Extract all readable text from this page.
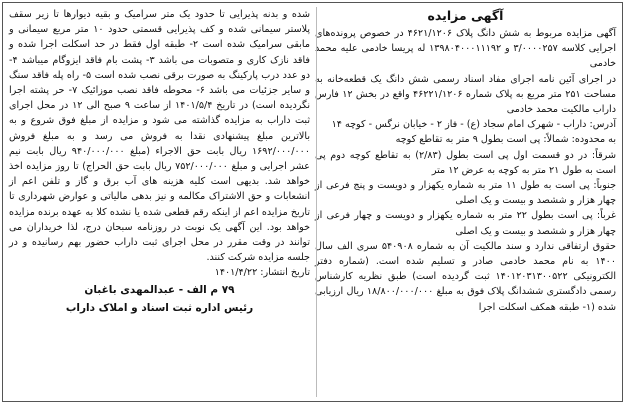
آگهی مزایده

آگهی مزایده مربوط به شش دانگ پلاک ۴۶۲۱/۱۲۰۶ در خصوص پرونده‌های اجرایی کلاسه ۳/۰۰۰۰۲۵۷ و ۱۳۹۸۰۴۰۰۰۱۱۱۹۲ له پریسا خادمی علیه محمد خادمی

در اجرای آئین نامه اجرای مفاد اسناد رسمی شش دانگ یک قطعه‌خانه به مساحت ۲۵۱ متر مربع به پلاک شماره ۴۶۲۲۱/۱۲۰۶ واقع در بخش ۱۲ فارس داراب مالکیت محمد خادمی

آدرس: داراب - شهرک امام سجاد (ع) - فاز ۲ - خیابان نرگس - کوچه ۱۴

به محدوده: شمالاً: پی است بطول ۹ متر به تقاطع کوچه

شرقاً: در دو قسمت اول پی است بطول (۲/۸۳) به تقاطع کوچه دوم پی است به طول ۲۱ متر به کوچه به عرض ۱۲ متر

جنوباً: پی است به طول ۱۱ متر به شماره یکهزار و دویست و پنج فرعی از چهار هزار و ششصد و بیست و یک اصلی

غرباً: پی است بطول ۲۲ متر به شماره یکهزار و دویست و چهار فرعی از چهار هزار و ششصد و بیست و یک اصلی

حقوق ارتفاقی ندارد و سند مالکیت آن به شماره ۵۴۰۹۰۸ سری الف سال ۱۴۰۰ به نام محمد خادمی صادر و تسلیم شده است. (شماره دفتر الکترونیکی ۱۴۰۱۲۰۳۱۳۰۰۵۲۲ ثبت گردیده است) طبق نظریه کارشناس رسمی دادگستری ششدانگ پلاک فوق به مبلغ ۱۸/۸۰۰/۰۰۰/۰۰۰ ریال ارزیابی شده (۱- طبقه همکف اسکلت اجرا

شده و بدنه پذیرایی تا حدود یک متر سرامیک و بقیه دیوارها تا زیر سقف پلاستر سیمانی شده و کف پذیرایی قسمتی حدود ۱۰ متر مربع سیمانی و مابقی سرامیک شده است ۲- طبقه اول فقط در حد اسکلت اجرا شده و فاقد نازک کاری و متصوبات می باشد ۳- پشت بام فاقد ایزوگام میباشد ۴- دو عدد درب پارکینگ به صورت برقی نصب شده است ۵- راه پله فاقد سنگ و سایر جزئیات می باشد ۶- محوطه فاقد نصب موزائیک ۷- حر پشته اجرا نگردیده است) در تاریخ ۱۴۰۱/۵/۴ از ساعت ۹ صبح الی ۱۲ در محل اجرای ثبت داراب به مزایده گذاشته می شود و مزایده از مبلغ فوق شروع و به بالاترین مبلغ پیشنهادی نقدا به فروش می رسد و به مبلغ فروش ۱۶۹۲/۰۰۰/۰۰۰ ریال بابت حق الاجراء (مبلغ ۹۴۰/۰۰۰/۰۰۰ ریال بابت نیم عشر اجرایی و مبلغ ۷۵۲/۰۰۰/۰۰۰ ریال بابت حق الحراج) تا روز مزایده اخذ خواهد شد. بدیهی است کلیه هزینه های آب برق و گاز و تلفن اعم از انشعابات و حق الاشتراک مکالمه و نیز بدهی مالیاتی و عوارض شهرداری تا تاریخ مزایده اعم از اینکه رقم قطعی شده یا نشده کلا به عهده برنده مزایده خواهد بود. این آگهی یک نوبت در روزنامه سبحان درج، لذا خریداران می توانند در وقت مقرر در محل اجرای ثبت داراب حضور بهم رسانیده و در جلسه مزایده شرکت کنند.

تاریخ انتشار: ۱۴۰۱/۴/۲۲

۷۹ م الف - عبدالمهدی باغبان
رئیس اداره ثبت اسناد و املاک داراب
